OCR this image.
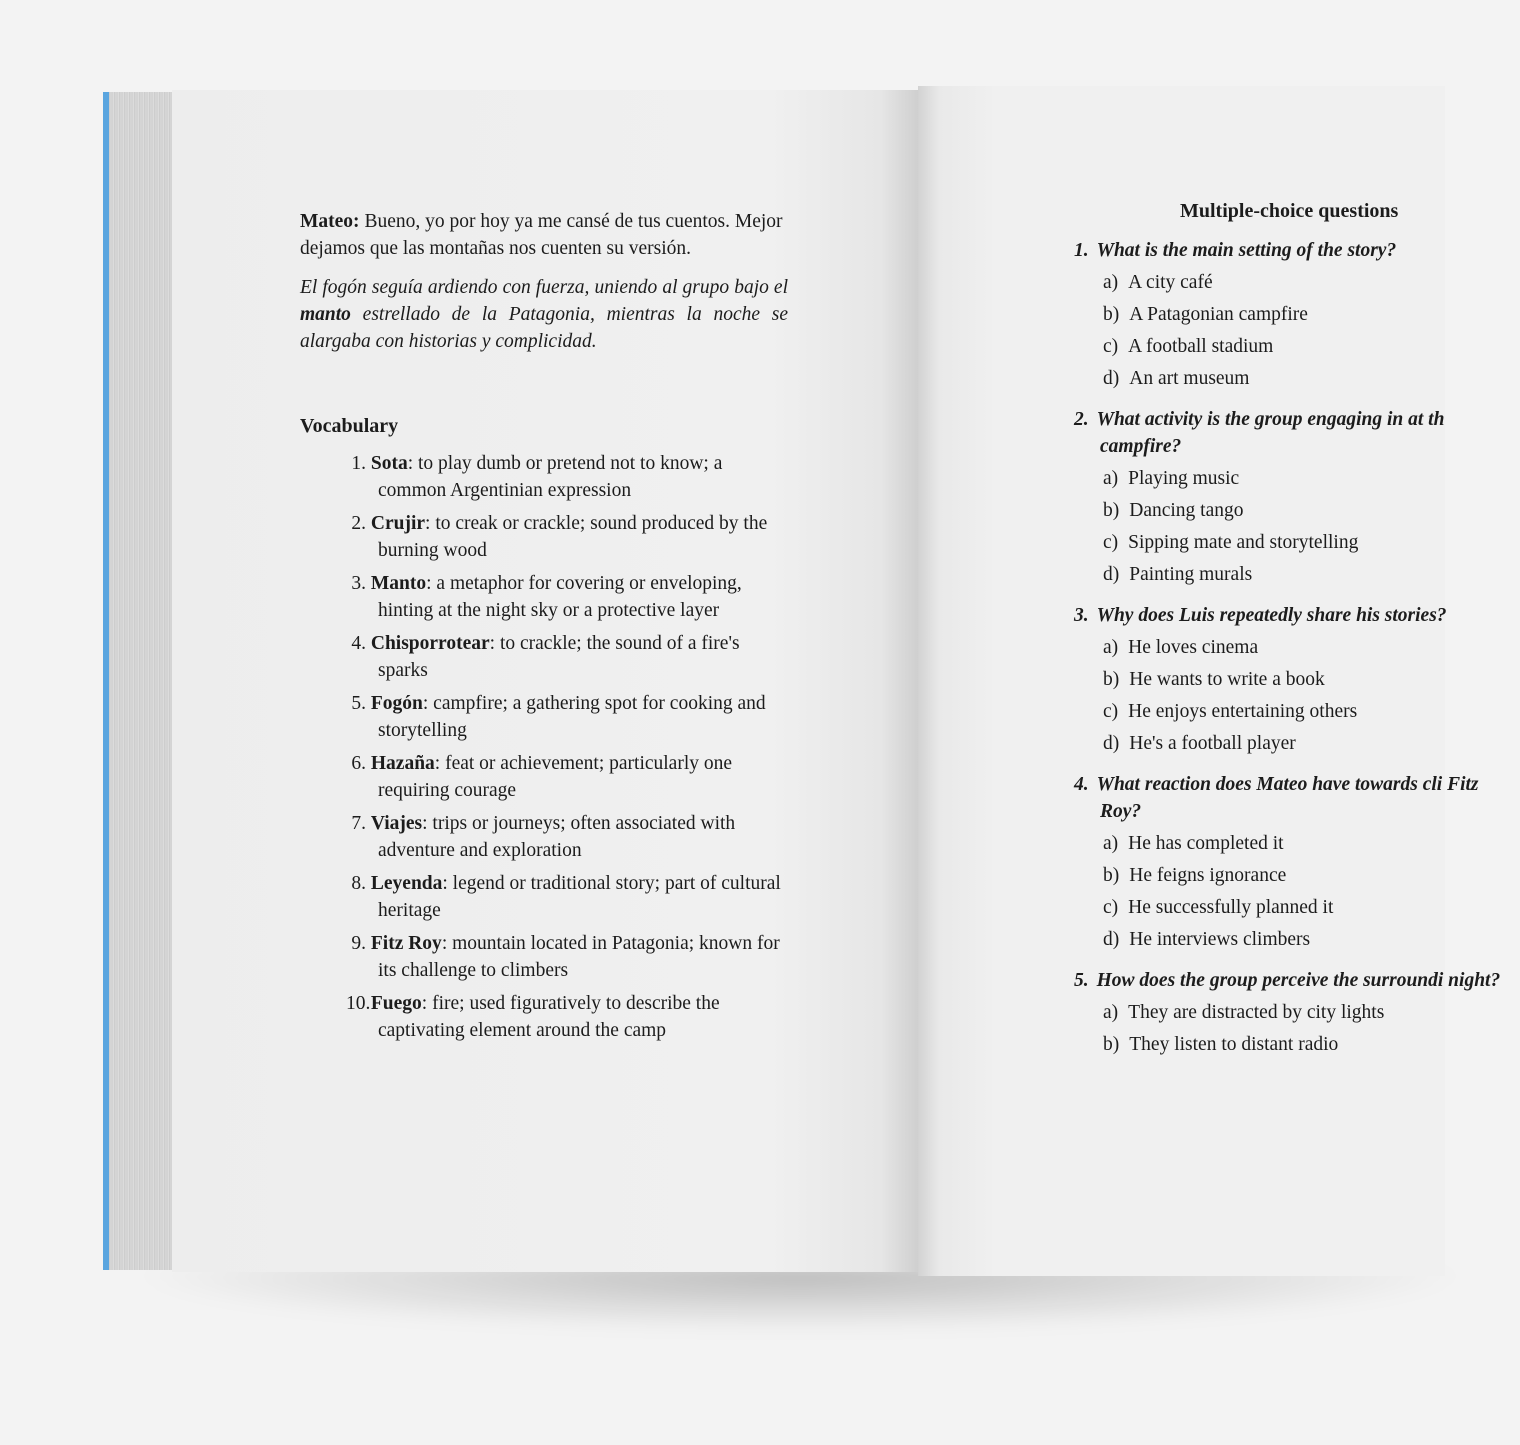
Mateo: Bueno, yo por hoy ya me cansé de tus cuentos. Mejor dejamos que las montañas nos cuenten su versión.

El fogón seguía ardiendo con fuerza, uniendo al grupo bajo el manto estrellado de la Patagonia, mientras la noche se alargaba con historias y complicidad.

Vocabulary
1. Sota: to play dumb or pretend not to know; a common Argentinian expression
2. Crujir: to creak or crackle; sound produced by the burning wood
3. Manto: a metaphor for covering or enveloping, hinting at the night sky or a protective layer
4. Chisporrotear: to crackle; the sound of a fire's sparks
5. Fogón: campfire; a gathering spot for cooking and storytelling
6. Hazaña: feat or achievement; particularly one requiring courage
7. Viajes: trips or journeys; often associated with adventure and exploration
8. Leyenda: legend or traditional story; part of cultural heritage
9. Fitz Roy: mountain located in Patagonia; known for its challenge to climbers
10. Fuego: fire; used figuratively to describe the captivating element around the camp
Multiple-choice questions
1. What is the main setting of the story?
a) A city café
b) A Patagonian campfire
c) A football stadium
d) An art museum
2. What activity is the group engaging in at th campfire?
a) Playing music
b) Dancing tango
c) Sipping mate and storytelling
d) Painting murals
3. Why does Luis repeatedly share his stories?
a) He loves cinema
b) He wants to write a book
c) He enjoys entertaining others
d) He's a football player
4. What reaction does Mateo have towards cli Fitz Roy?
a) He has completed it
b) He feigns ignorance
c) He successfully planned it
d) He interviews climbers
5. How does the group perceive the surroundi night?
a) They are distracted by city lights
b) They listen to distant radio
